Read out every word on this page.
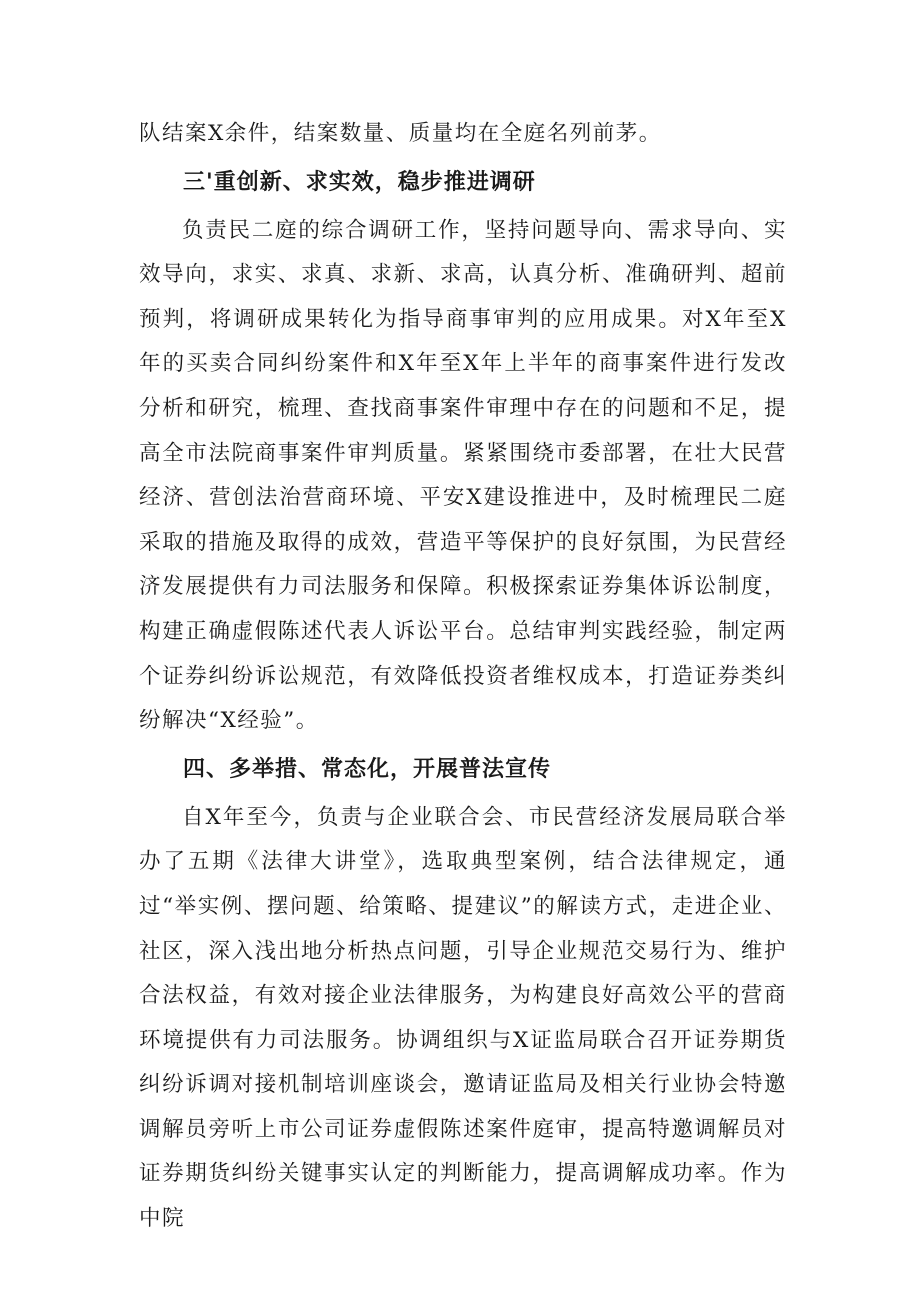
队结案X余件，结案数量、质量均在全庭名列前茅。

三'重创新、求实效，稳步推进调研

负责民二庭的综合调研工作，坚持问题导向、需求导向、实效导向，求实、求真、求新、求高，认真分析、准确研判、超前预判，将调研成果转化为指导商事审判的应用成果。对X年至X年的买卖合同纠纷案件和X年至X年上半年的商事案件进行发改分析和研究，梳理、查找商事案件审理中存在的问题和不足，提高全市法院商事案件审判质量。紧紧围绕市委部署，在壮大民营经济、营创法治营商环境、平安X建设推进中，及时梳理民二庭采取的措施及取得的成效，营造平等保护的良好氛围，为民营经济发展提供有力司法服务和保障。积极探索证券集体诉讼制度，构建正确虚假陈述代表人诉讼平台。总结审判实践经验，制定两个证券纠纷诉讼规范，有效降低投资者维权成本，打造证券类纠纷解决“X经验”。

四、多举措、常态化，开展普法宣传

自X年至今，负责与企业联合会、市民营经济发展局联合举办了五期《法律大讲堂》，选取典型案例，结合法律规定，通过“举实例、摆问题、给策略、提建议”的解读方式，走进企业、社区，深入浅出地分析热点问题，引导企业规范交易行为、维护合法权益，有效对接企业法律服务，为构建良好高效公平的营商环境提供有力司法服务。协调组织与X证监局联合召开证券期货纠纷诉调对接机制培训座谈会，邀请证监局及相关行业协会特邀调解员旁听上市公司证券虚假陈述案件庭审，提高特邀调解员对证券期货纠纷关键事实认定的判断能力，提高调解成功率。作为中院
